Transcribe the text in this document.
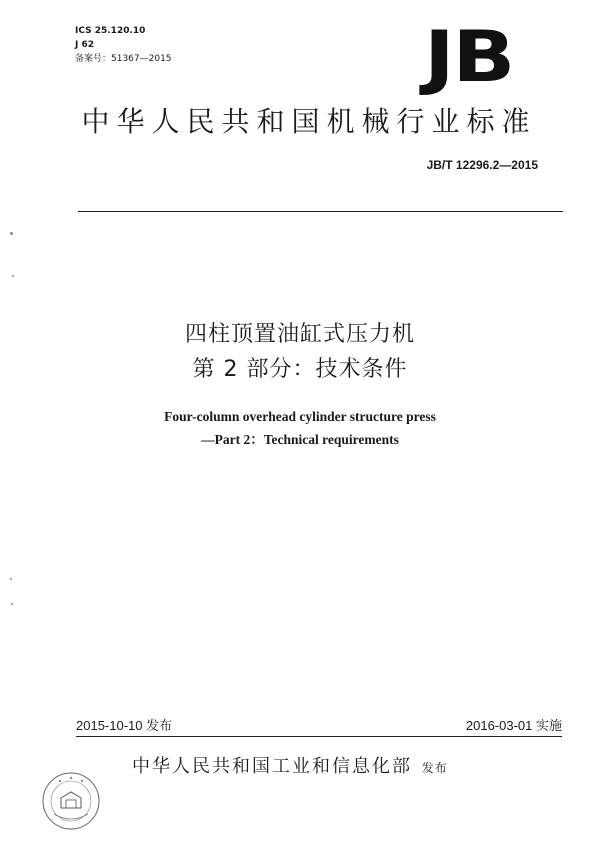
ICS 25.120.10
J 62
备案号：51367—2015	JB
中华人民共和国机械行业标准
JB/T 12296.2—2015
四柱顶置油缸式压力机
第 2 部分：技术条件
Four-column overhead cylinder structure press
—Part 2：Technical requirements
2015-10-10 发布	2016-03-01 实施
中华人民共和国工业和信息化部 发布
